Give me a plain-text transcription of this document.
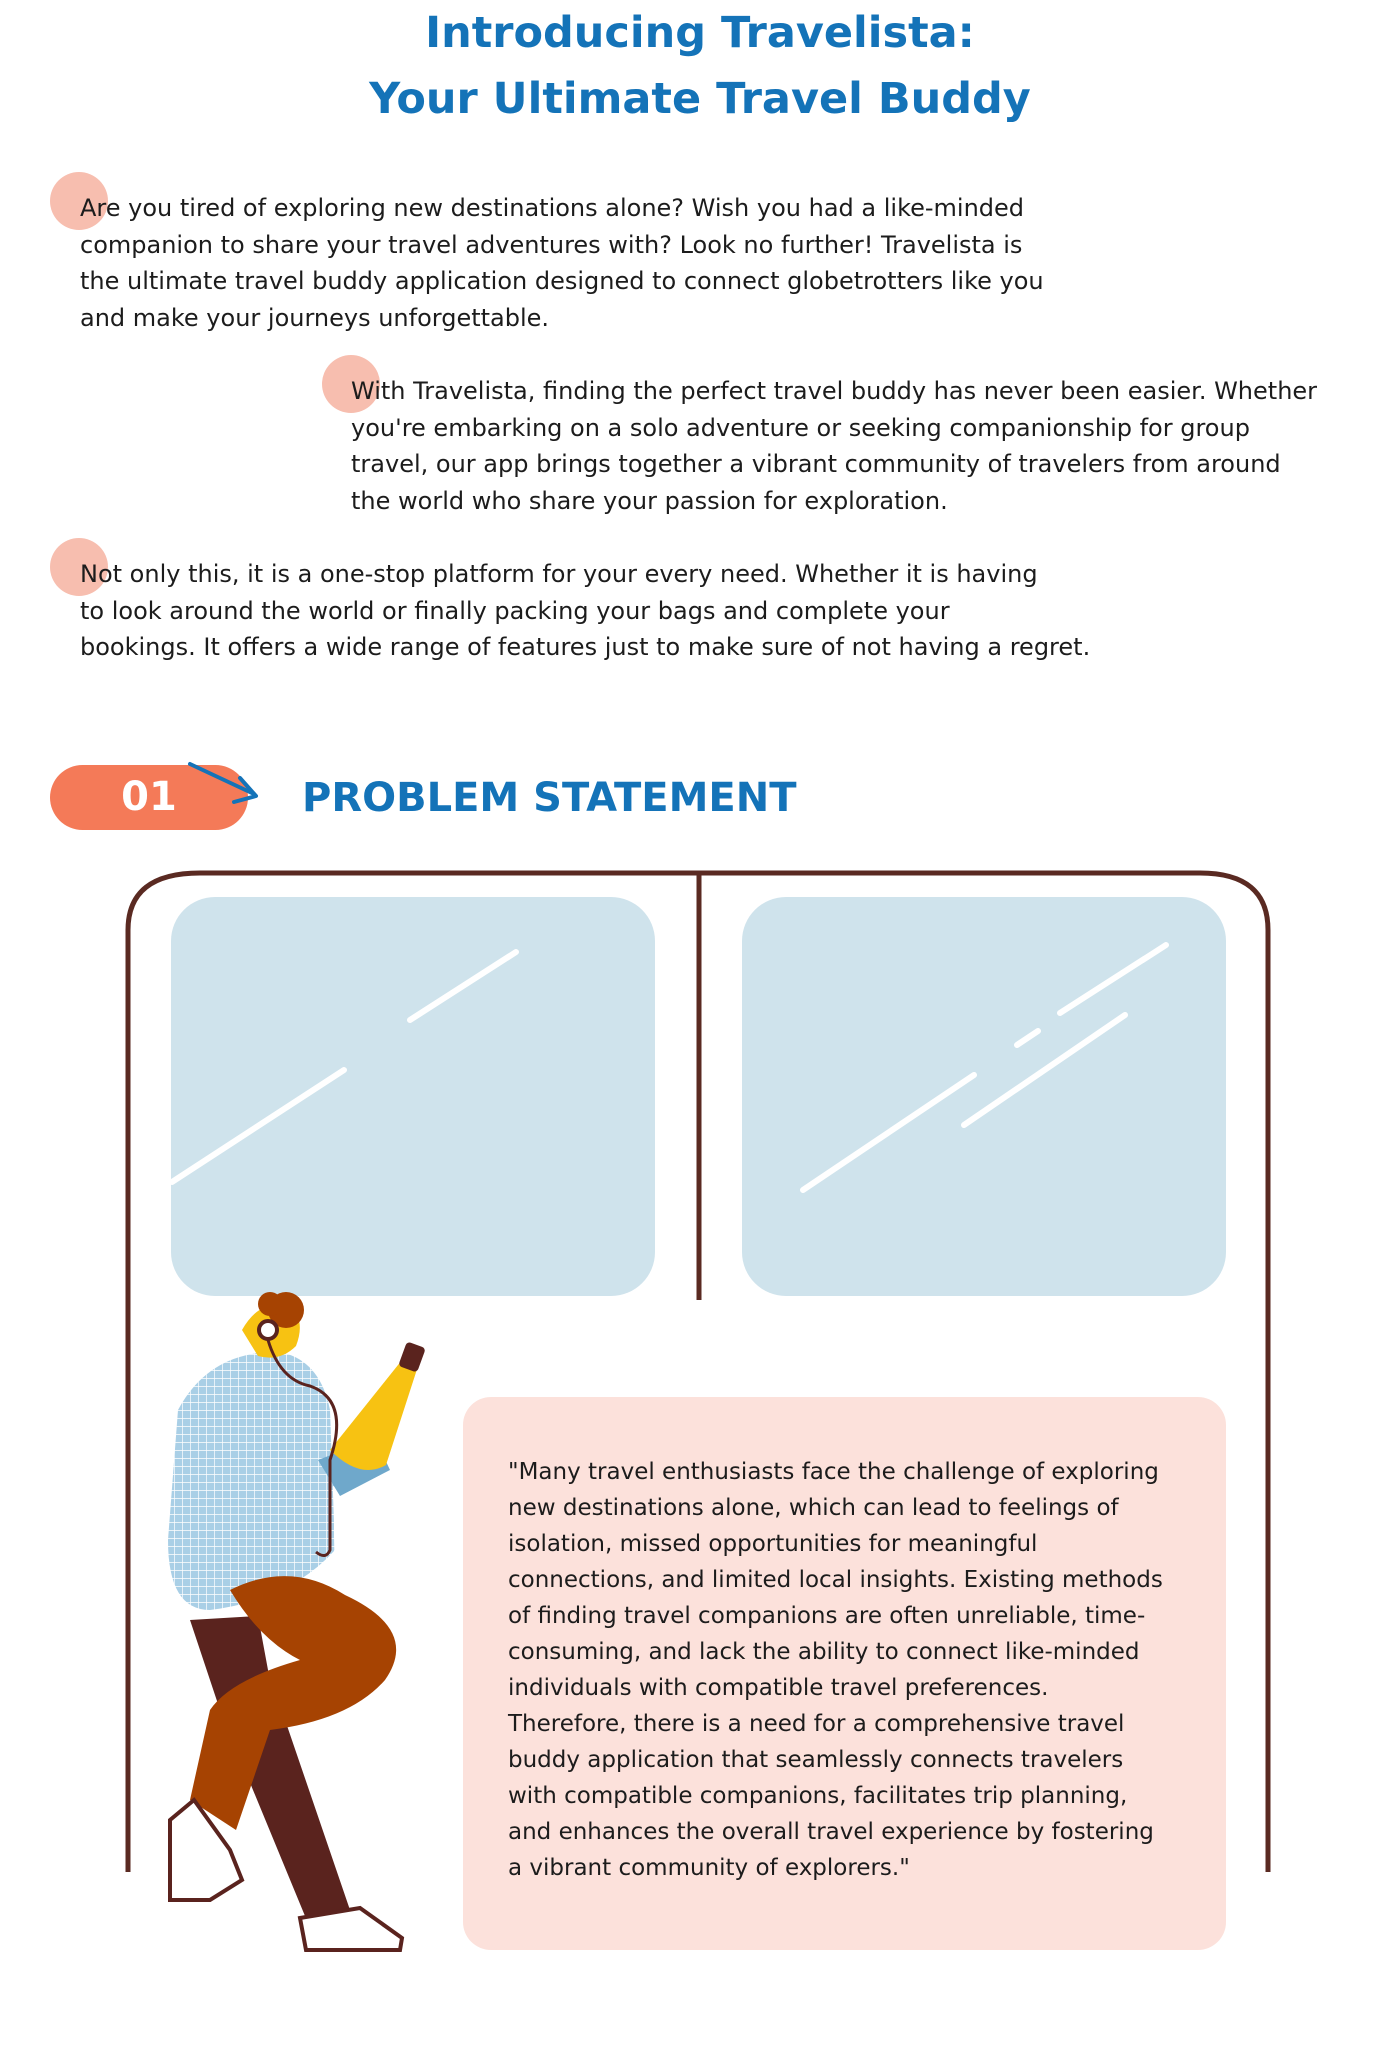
Introducing Travelista:
Your Ultimate Travel Buddy

Are you tired of exploring new destinations alone? Wish you had a like-minded
companion to share your travel adventures with? Look no further! Travelista is
the ultimate travel buddy application designed to connect globetrotters like you
and make your journeys unforgettable.

With Travelista, finding the perfect travel buddy has never been easier. Whether
you're embarking on a solo adventure or seeking companionship for group
travel, our app brings together a vibrant community of travelers from around
the world who share your passion for exploration.

Not only this, it is a one-stop platform for your every need. Whether it is having
to look around the world or finally packing your bags and complete your
bookings. It offers a wide range of features just to make sure of not having a regret.

01	PROBLEM STATEMENT

"Many travel enthusiasts face the challenge of exploring
new destinations alone, which can lead to feelings of
isolation, missed opportunities for meaningful
connections, and limited local insights. Existing methods
of finding travel companions are often unreliable, time-
consuming, and lack the ability to connect like-minded
individuals with compatible travel preferences.
Therefore, there is a need for a comprehensive travel
buddy application that seamlessly connects travelers
with compatible companions, facilitates trip planning,
and enhances the overall travel experience by fostering
a vibrant community of explorers."
